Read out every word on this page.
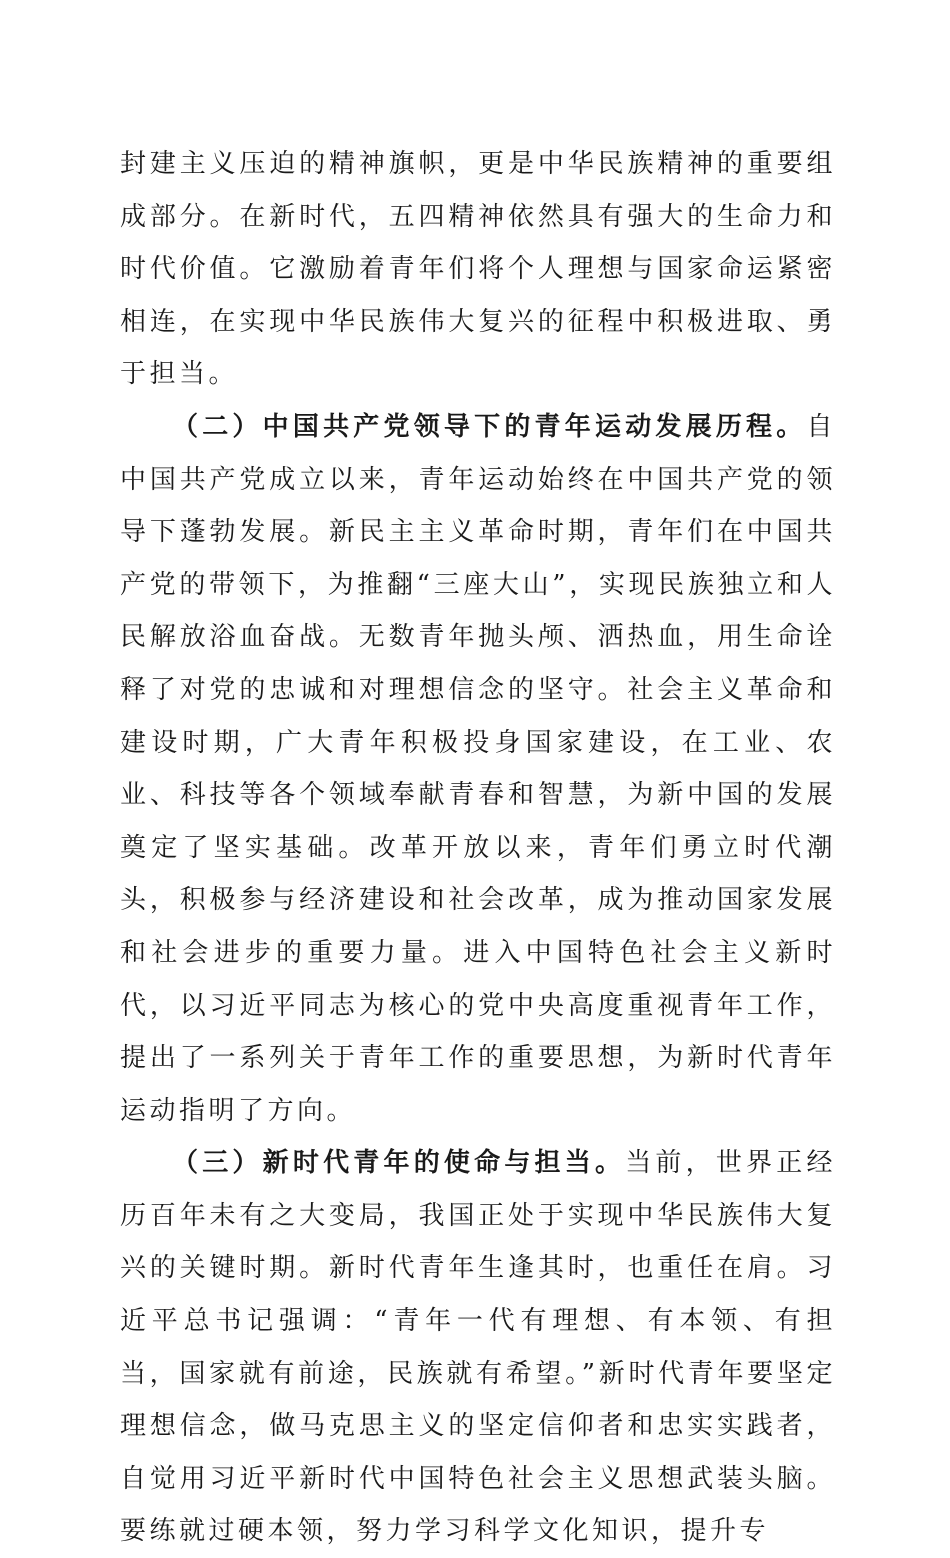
封建主义压迫的精神旗帜，更是中华民族精神的重要组成部分。在新时代，五四精神依然具有强大的生命力和时代价值。它激励着青年们将个人理想与国家命运紧密相连，在实现中华民族伟大复兴的征程中积极进取、勇于担当。

（二）中国共产党领导下的青年运动发展历程。自中国共产党成立以来，青年运动始终在中国共产党的领导下蓬勃发展。新民主主义革命时期，青年们在中国共产党的带领下，为推翻“三座大山”，实现民族独立和人民解放浴血奋战。无数青年抛头颅、洒热血，用生命诠释了对党的忠诚和对理想信念的坚守。社会主义革命和建设时期，广大青年积极投身国家建设，在工业、农业、科技等各个领域奉献青春和智慧，为新中国的发展奠定了坚实基础。改革开放以来，青年们勇立时代潮头，积极参与经济建设和社会改革，成为推动国家发展和社会进步的重要力量。进入中国特色社会主义新时代，以习近平同志为核心的党中央高度重视青年工作，提出了一系列关于青年工作的重要思想，为新时代青年运动指明了方向。

（三）新时代青年的使命与担当。当前，世界正经历百年未有之大变局，我国正处于实现中华民族伟大复兴的关键时期。新时代青年生逢其时，也重任在肩。习近平总书记强调：“青年一代有理想、有本领、有担当，国家就有前途，民族就有希望。”新时代青年要坚定理想信念，做马克思主义的坚定信仰者和忠实实践者，自觉用习近平新时代中国特色社会主义思想武装头脑。要练就过硬本领，努力学习科学文化知识，提升专
